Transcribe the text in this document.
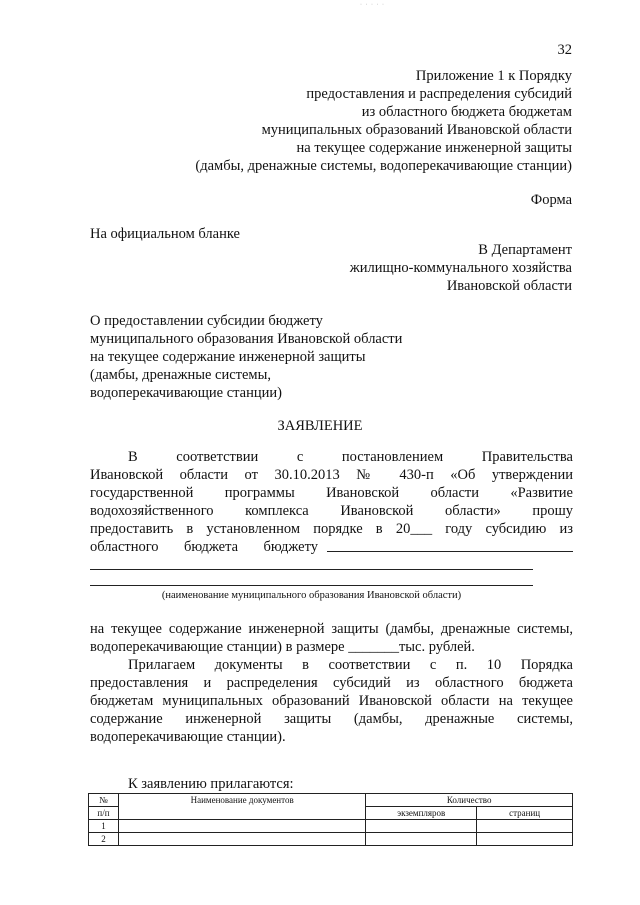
· · · · ·
32
Приложение 1 к Порядку
предоставления и распределения субсидий
из областного бюджета бюджетам
муниципальных образований Ивановской области
на текущее содержание инженерной защиты
(дамбы, дренажные системы, водоперекачивающие станции)
Форма
На официальном бланке
В Департамент
жилищно-коммунального хозяйства
Ивановской области
О предоставлении субсидии бюджету
муниципального образования Ивановской области
на текущее содержание инженерной защиты
(дамбы, дренажные системы,
водоперекачивающие станции)
ЗАЯВЛЕНИЕ
В соответствии с постановлением Правительства
Ивановской области от 30.10.2013 № 430-п «Об утверждении
государственной программы Ивановской области «Развитие
водохозяйственного комплекса Ивановской области» прошу
предоставить в установленном порядке в 20___ году субсидию из
областного бюджета бюджету
(наименование муниципального образования Ивановской области)
на текущее содержание инженерной защиты (дамбы, дренажные системы,
водоперекачивающие станции) в размере _______тыс. рублей.
Прилагаем документы в соответствии с п. 10 Порядка
предоставления и распределения субсидий из областного бюджета
бюджетам муниципальных образований Ивановской области на текущее
содержание инженерной защиты (дамбы, дренажные системы,
водоперекачивающие станции).
К заявлению прилагаются:
№	Наименование документов	Количество	
п/п		экземпляров	страниц
1			
2			
